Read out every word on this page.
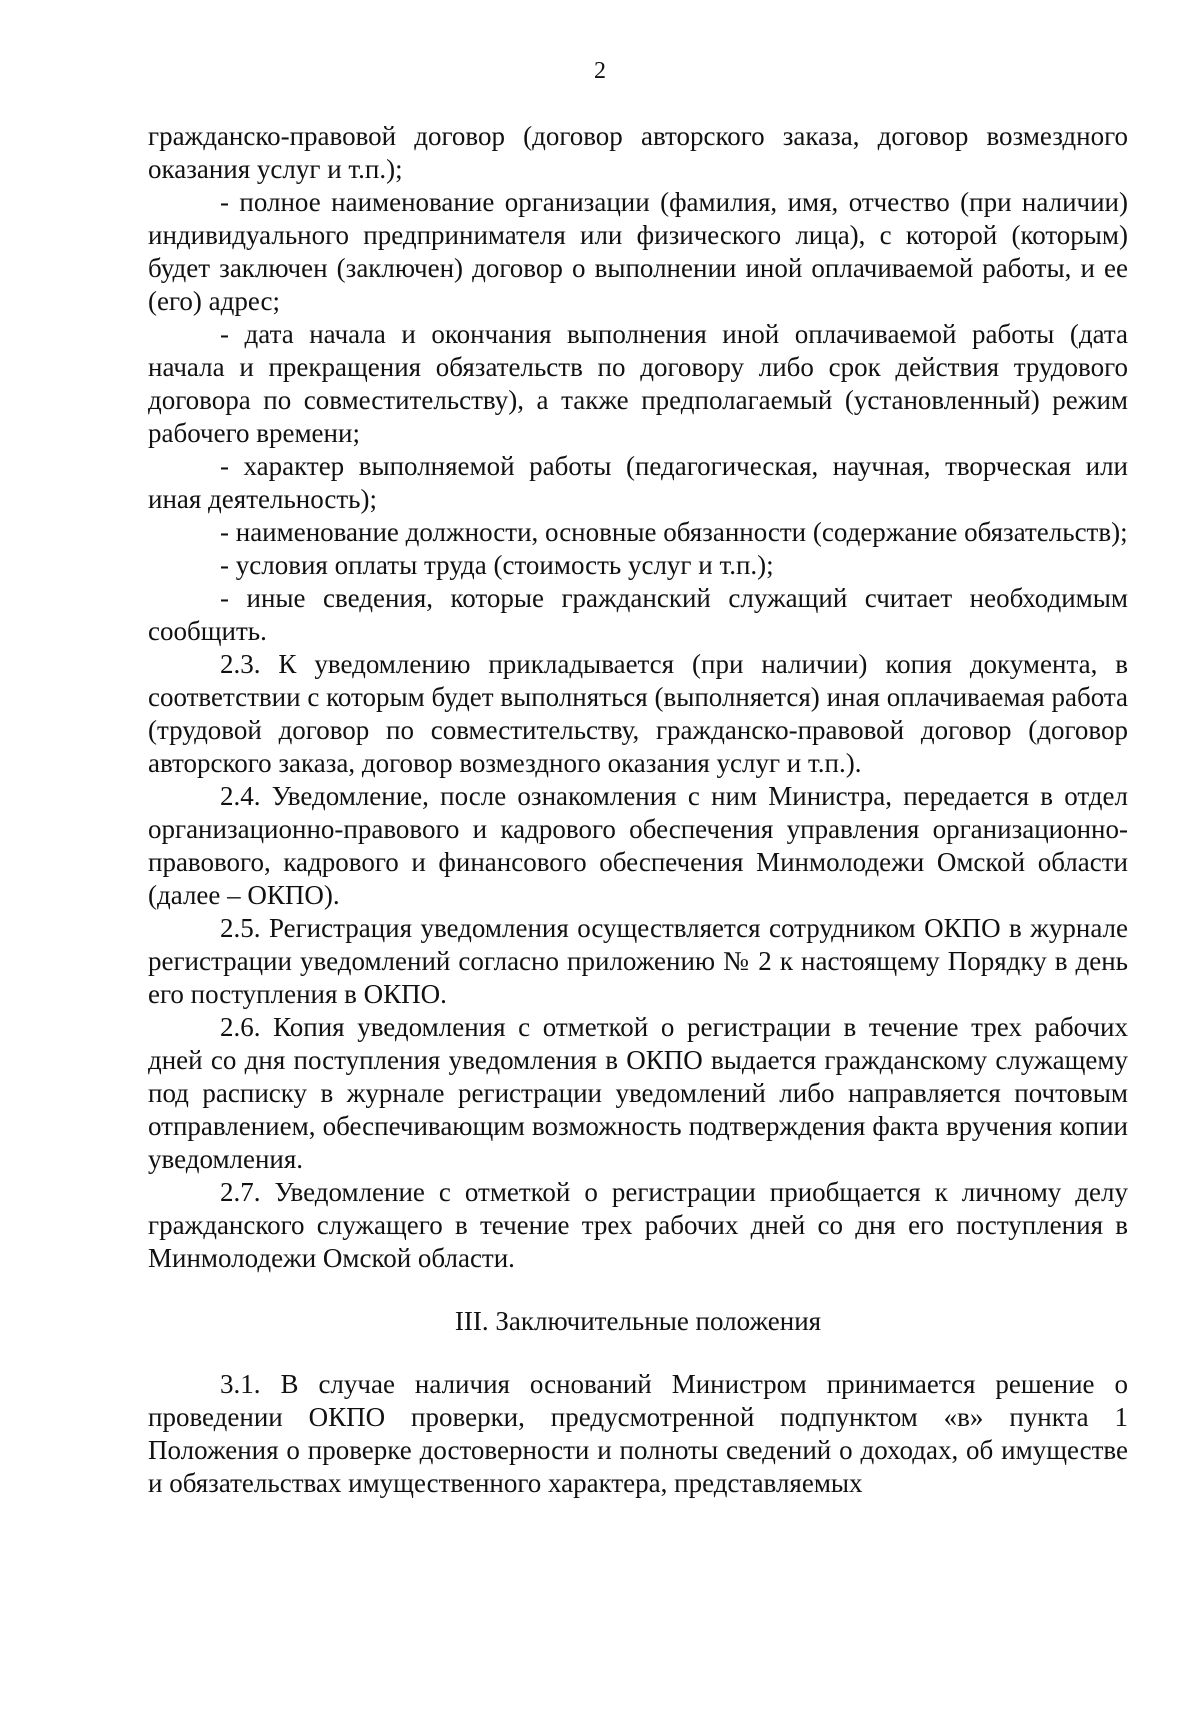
2

гражданско-правовой договор (договор авторского заказа, договор возмездного оказания услуг и т.п.);

- полное наименование организации (фамилия, имя, отчество (при наличии) индивидуального предпринимателя или физического лица), с которой (которым) будет заключен (заключен) договор о выполнении иной оплачиваемой работы, и ее (его) адрес;

- дата начала и окончания выполнения иной оплачиваемой работы (дата начала и прекращения обязательств по договору либо срок действия трудового договора по совместительству), а также предполагаемый (установленный) режим рабочего времени;

- характер выполняемой работы (педагогическая, научная, творческая или иная деятельность);

- наименование должности, основные обязанности (содержание обязательств);

- условия оплаты труда (стоимость услуг и т.п.);

- иные сведения, которые гражданский служащий считает необходимым сообщить.

2.3. К уведомлению прикладывается (при наличии) копия документа, в соответствии с которым будет выполняться (выполняется) иная оплачиваемая работа (трудовой договор по совместительству, гражданско-правовой договор (договор авторского заказа, договор возмездного оказания услуг и т.п.).

2.4. Уведомление, после ознакомления с ним Министра, передается в отдел организационно-правового и кадрового обеспечения управления организационно-правового, кадрового и финансового обеспечения Минмолодежи Омской области (далее – ОКПО).

2.5. Регистрация уведомления осуществляется сотрудником ОКПО в журнале регистрации уведомлений согласно приложению № 2 к настоящему Порядку в день его поступления в ОКПО.

2.6. Копия уведомления с отметкой о регистрации в течение трех рабочих дней со дня поступления уведомления в ОКПО выдается гражданскому служащему под расписку в журнале регистрации уведомлений либо направляется почтовым отправлением, обеспечивающим возможность подтверждения факта вручения копии уведомления.

2.7. Уведомление с отметкой о регистрации приобщается к личному делу гражданского служащего в течение трех рабочих дней со дня его поступления в Минмолодежи Омской области.

III. Заключительные положения

3.1. В случае наличия оснований Министром принимается решение о проведении ОКПО проверки, предусмотренной подпунктом «в» пункта 1 Положения о проверке достоверности и полноты сведений о доходах, об имуществе и обязательствах имущественного характера, представляемых
